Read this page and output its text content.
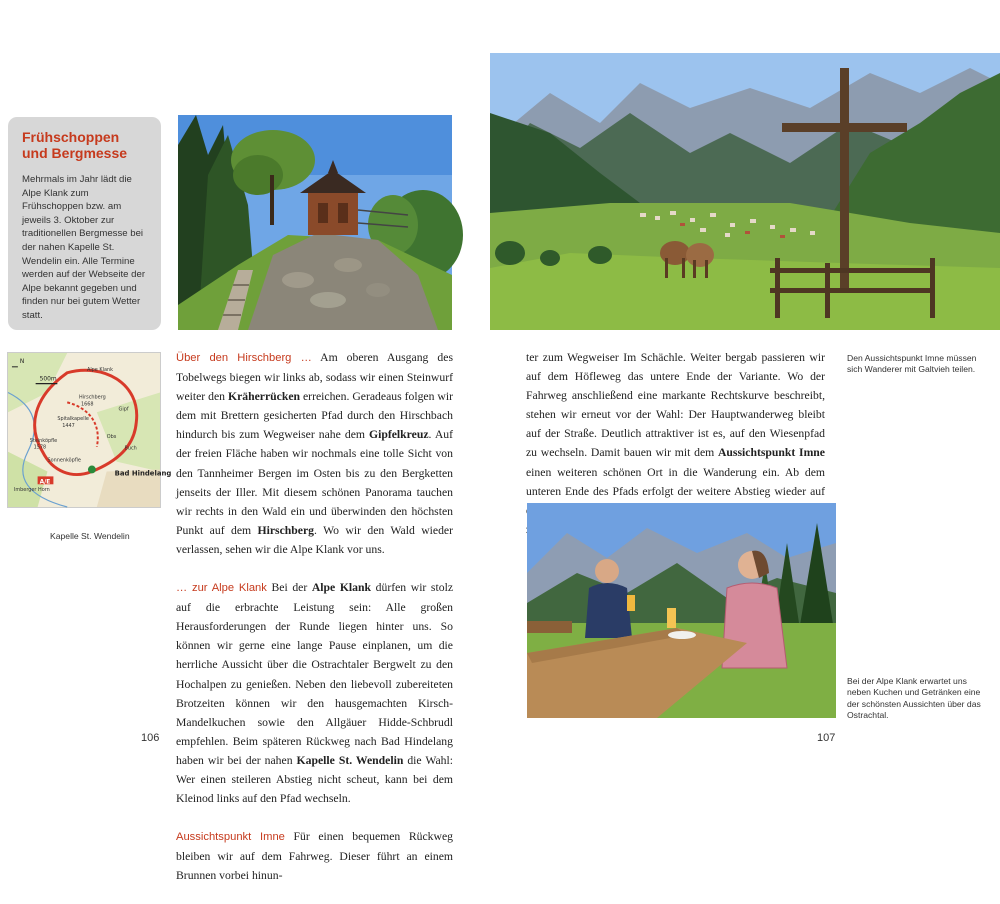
Frühschoppen
und Bergmesse

Mehrmals im Jahr lädt die Alpe Klank zum Frühschoppen bzw. am jeweils 3. Oktober zur traditionellen Bergmesse bei der nahen Kapelle St. Wendelin ein. Alle Termine werden auf der Webseite der Alpe bekannt gegeben und finden nur bei gutem Wetter statt.

N
500m
Alpe Klank
Hirschberg
1668
Spitalkapelle
1447
Steinköpfle
1578
Bad Hindelang
Imberger Horn
Sonnenköpfle
Gipf
Obs
Buch
A/E
Kapelle St. Wendelin

Über den Hirschberg … Am oberen Ausgang des Tobelwegs biegen wir links ab, sodass wir einen Steinwurf weiter den Kräherrücken erreichen. Geradeaus folgen wir dem mit Brettern gesicherten Pfad durch den Hirschbach hindurch bis zum Wegweiser nahe dem Gipfelkreuz. Auf der freien Fläche haben wir nochmals eine tolle Sicht von den Tannheimer Bergen im Osten bis zu den Bergketten jenseits der Iller. Mit diesem schönen Panorama tauchen wir rechts in den Wald ein und überwinden den höchsten Punkt auf dem Hirschberg. Wo wir den Wald wieder verlassen, sehen wir die Alpe Klank vor uns.

… zur Alpe Klank Bei der Alpe Klank dürfen wir stolz auf die erbrachte Leistung sein: Alle großen Herausforderungen der Runde liegen hinter uns. So können wir gerne eine lange Pause einplanen, um die herrliche Aussicht über die Ostrachtaler Bergwelt zu den Hochalpen zu genießen. Neben den liebevoll zubereiteten Brotzeiten können wir den hausgemachten Kirsch-Mandelkuchen sowie den Allgäuer Hidde-Schbrudl empfehlen. Beim späteren Rückweg nach Bad Hindelang haben wir bei der nahen Kapelle St. Wendelin die Wahl: Wer einen steileren Abstieg nicht scheut, kann bei dem Kleinod links auf den Pfad wechseln.

Aussichtspunkt Imne Für einen bequemen Rückweg bleiben wir auf dem Fahrweg. Dieser führt an einem Brunnen vorbei hinun-

106
Den Aussichtspunkt Imne müssen sich Wanderer mit Galtvieh teilen.

ter zum Wegweiser Im Schächle. Weiter bergab passieren wir auf dem Höfleweg das untere Ende der Variante. Wo der Fahrweg anschließend eine markante Rechtskurve beschreibt, stehen wir erneut vor der Wahl: Der Hauptwanderweg bleibt auf der Straße. Deutlich attraktiver ist es, auf den Wiesenpfad zu wechseln. Damit bauen wir mit dem Aussichtspunkt Imne einen weiteren schönen Ort in die Wanderung ein. Ab dem unteren Ende des Pfads erfolgt der weitere Abstieg wieder auf

Bei der Alpe Klank erwartet uns neben Kuchen und Getränken eine der schönsten Aussichten über das Ostrachtal.
107
